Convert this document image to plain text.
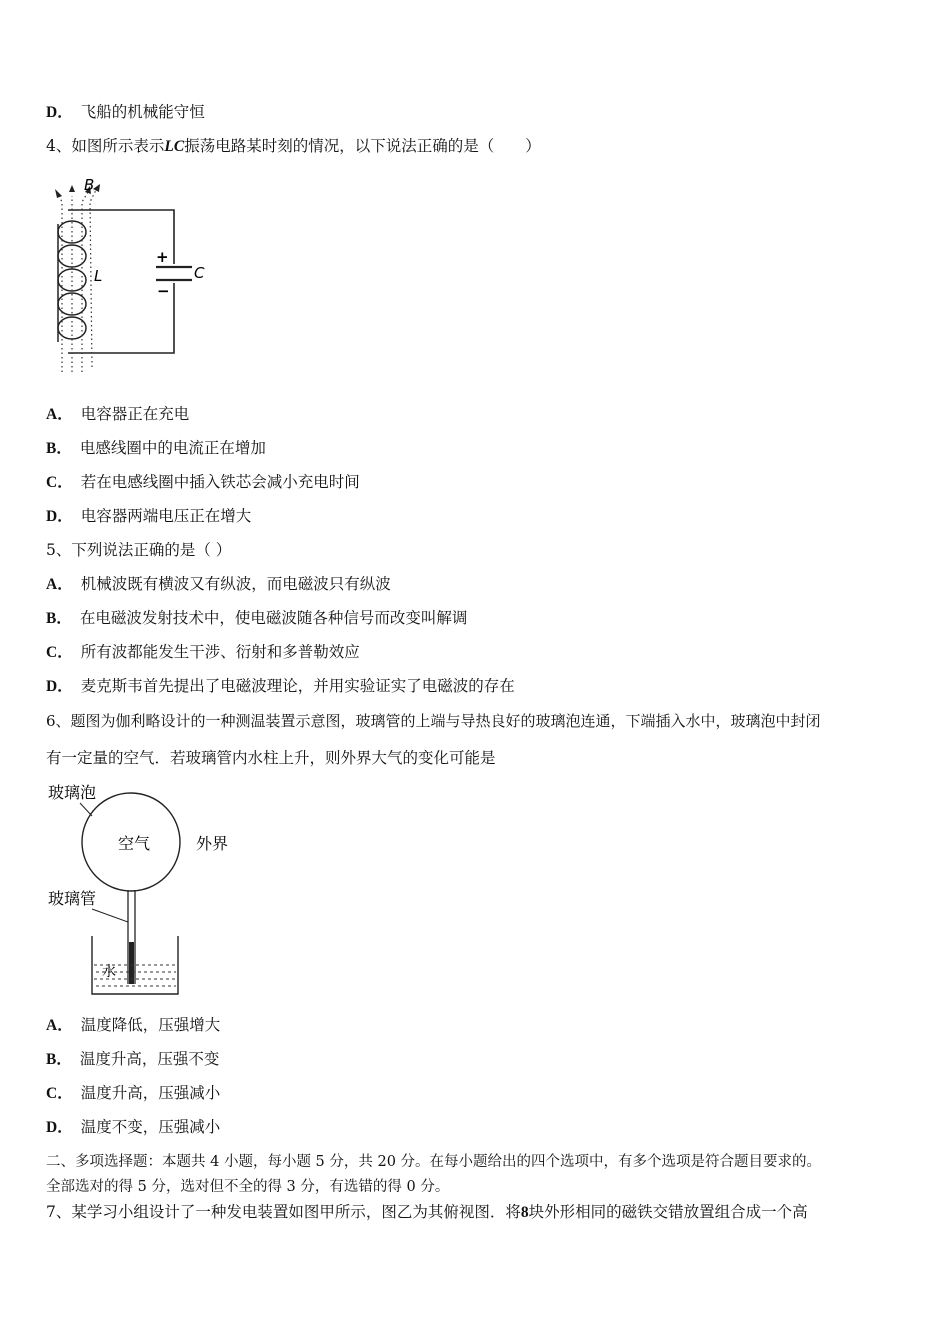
D． 飞船的机械能守恒
4、如图所示表示LC振荡电路某时刻的情况，以下说法正确的是（　　）
+
−
C
B
L
A． 电容器正在充电
B． 电感线圈中的电流正在增加
C． 若在电感线圈中插入铁芯会减小充电时间
D． 电容器两端电压正在增大
5、下列说法正确的是（ ）
A． 机械波既有横波又有纵波，而电磁波只有纵波
B． 在电磁波发射技术中，使电磁波随各种信号而改变叫解调
C． 所有波都能发生干涉、衍射和多普勒效应
D． 麦克斯韦首先提出了电磁波理论，并用实验证实了电磁波的存在
6、题图为伽利略设计的一种测温装置示意图，玻璃管的上端与导热良好的玻璃泡连通，下端插入水中，玻璃泡中封闭
有一定量的空气．若玻璃管内水柱上升，则外界大气的变化可能是
玻璃泡
空气	外界
玻璃管
水
A． 温度降低，压强增大
B． 温度升高，压强不变
C． 温度升高，压强减小
D． 温度不变，压强减小
二、多项选择题：本题共 4 小题，每小题 5 分，共 20 分。在每小题给出的四个选项中，有多个选项是符合题目要求的。
全部选对的得 5 分，选对但不全的得 3 分，有选错的得 0 分。
7、某学习小组设计了一种发电装置如图甲所示，图乙为其俯视图．将8块外形相同的磁铁交错放置组合成一个高
